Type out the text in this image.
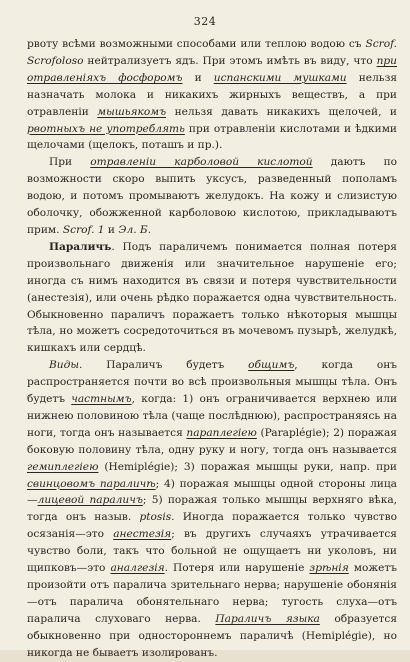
324

рвоту всѣми возможными способами или теплою водою съ Scrof. Scrofoloso нейтрализуетъ ядъ. При этомъ имѣть въ виду, что при отравленіяхъ фосфоромъ и испанскими мушками нельзя назначать молока и никакихъ жирныхъ веществъ, а при отравленіи мышьякомъ нельзя давать никакихъ щелочей, и рвотныхъ не употреблять при отравленіи кислотами и ѣдкими щелочами (щелокъ, поташъ и пр.).

При отравленіи карболовой кислотой даютъ по возможности скоро выпить уксусъ, разведенный пополамъ водою, и потомъ промываютъ желудокъ. На кожу и слизистую оболочку, обожженной карболовою кислотою, прикладываютъ прим. Scrof. 1 и Эл. Б.

Параличъ. Подъ параличемъ понимается полная потеря произвольнаго движенія или значительное нарушеніе его; иногда съ нимъ находится въ связи и потеря чувствительности (анестезія), или очень рѣдко поражается одна чувствительность. Обыкновенно параличъ поражаетъ только нѣкоторыя мышцы тѣла, но можетъ сосредоточиться въ мочевомъ пузырѣ, желудкѣ, кишкахъ или сердцѣ.

Виды. Параличъ будетъ общимъ, когда онъ распространяется почти во всѣ произвольныя мышцы тѣла. Онъ будетъ частнымъ, когда: 1) онъ ограничивается верхнею или нижнею половиною тѣла (чаще послѣднюю), распространяясь на ноги, тогда онъ называется параплегіею (Paraplégie); 2) поражая боковую половину тѣла, одну руку и ногу, тогда онъ называется гемиплегіею (Hemiplégie); 3) поражая мышцы руки, напр. при свинцовомъ параличѣ; 4) поражая мышцы одной стороны лица—лицевой параличъ; 5) поражая только мышцы верхняго вѣка, тогда онъ назыв. ptosis. Иногда поражается только чувство осязанія—это анестезія; въ другихъ случаяхъ утрачивается чувство боли, такъ что больной не ощущаетъ ни уколовъ, ни щипковъ—это аналгезія. Потеря или нарушеніе зрѣнія можетъ произойти отъ паралича зрительнаго нерва; нарушеніе обонянія—отъ паралича обонятельнаго нерва; тугость слуха—отъ паралича слуховаго нерва. Параличъ языка образуется обыкновенно при одностороннемъ параличѣ (Hemiplégie), но никогда не бываетъ изолированъ.
